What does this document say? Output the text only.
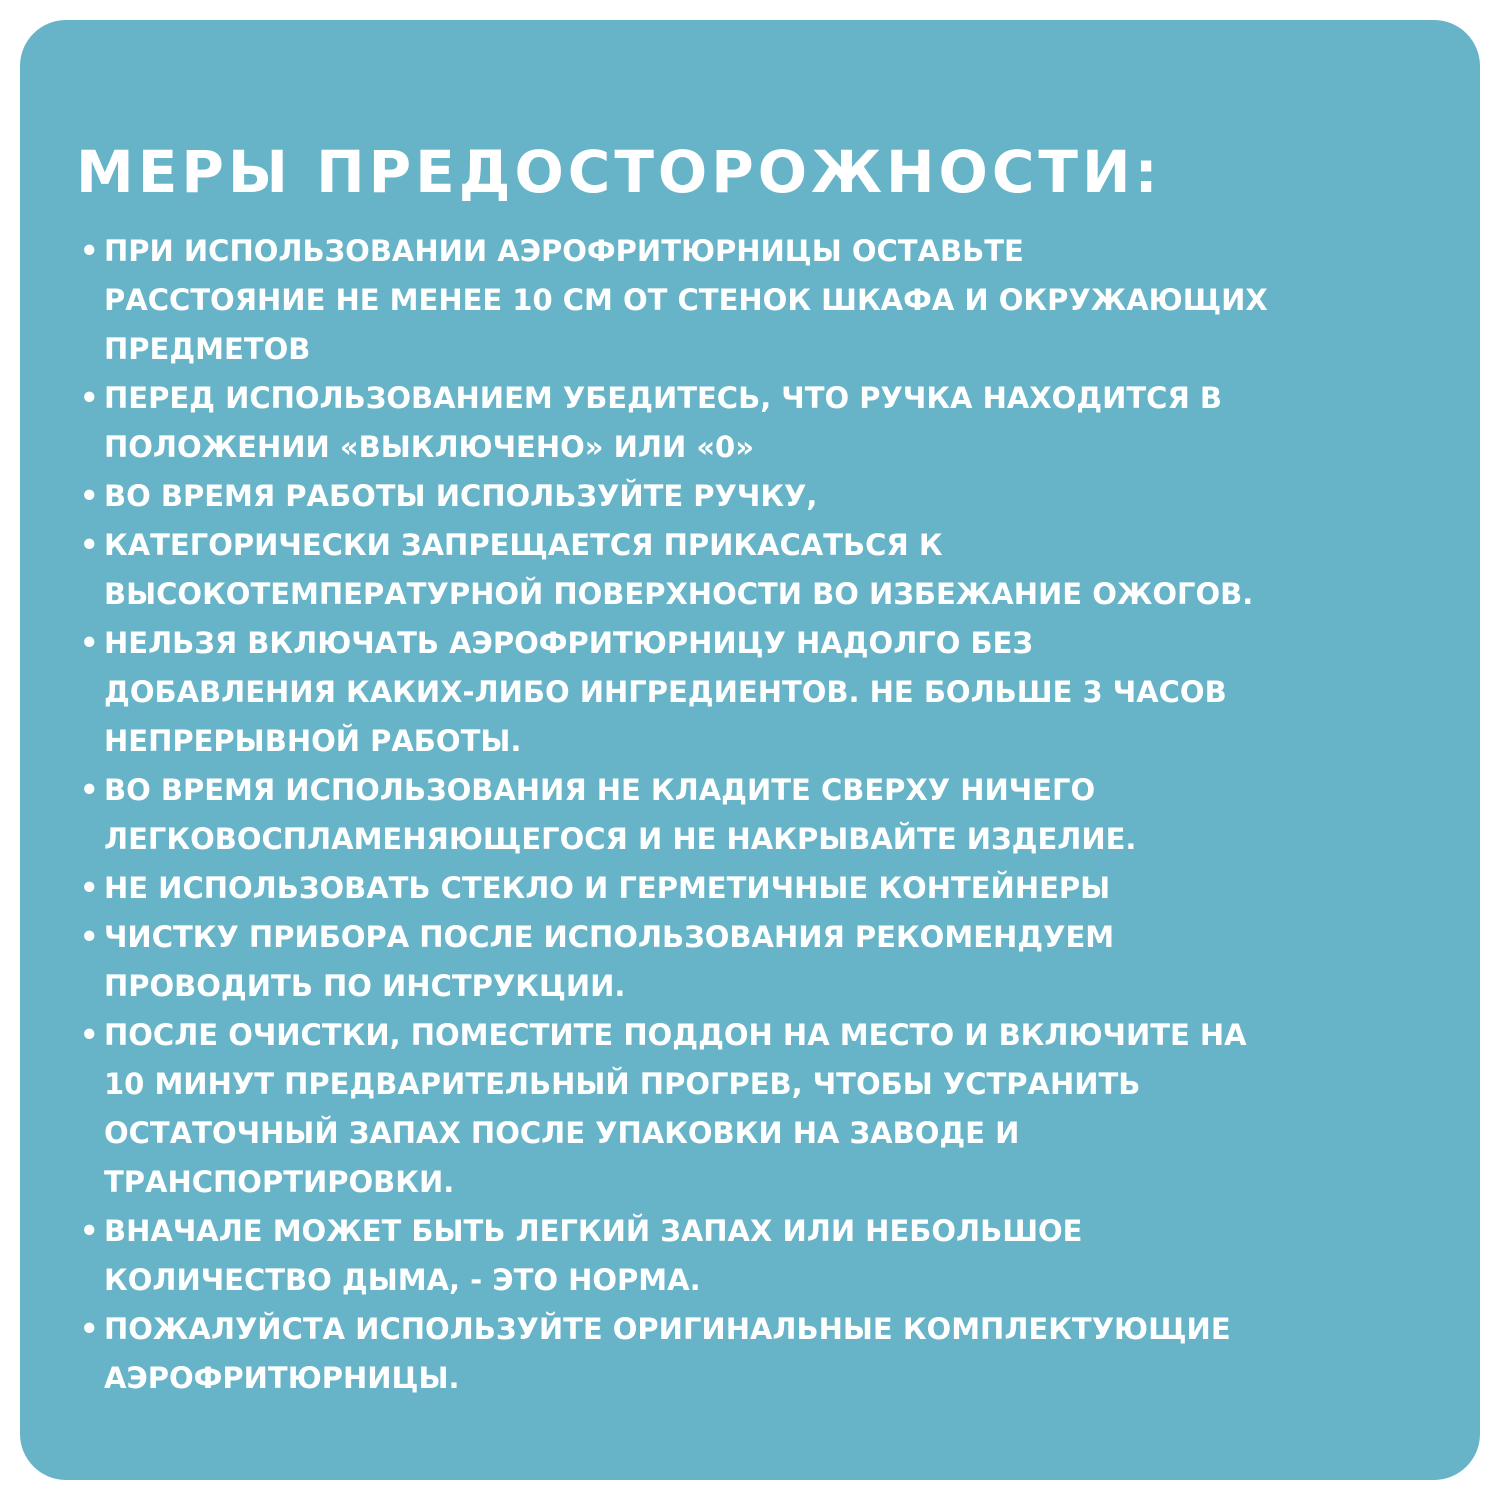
МЕРЫ ПРЕДОСТОРОЖНОСТИ:
• ПРИ ИСПОЛЬЗОВАНИИ АЭРОФРИТЮРНИЦЫ ОСТАВЬТЕ
РАССТОЯНИЕ НЕ МЕНЕЕ 10 СМ ОТ СТЕНОК ШКАФА И ОКРУЖАЮЩИХ
ПРЕДМЕТОВ
• ПЕРЕД ИСПОЛЬЗОВАНИЕМ УБЕДИТЕСЬ, ЧТО РУЧКА НАХОДИТСЯ В
ПОЛОЖЕНИИ «ВЫКЛЮЧЕНО» ИЛИ «0»
• ВО ВРЕМЯ РАБОТЫ ИСПОЛЬЗУЙТЕ РУЧКУ,
• КАТЕГОРИЧЕСКИ ЗАПРЕЩАЕТСЯ ПРИКАСАТЬСЯ К
ВЫСОКОТЕМПЕРАТУРНОЙ ПОВЕРХНОСТИ ВО ИЗБЕЖАНИЕ ОЖОГОВ.
• НЕЛЬЗЯ ВКЛЮЧАТЬ АЭРОФРИТЮРНИЦУ НАДОЛГО БЕЗ
ДОБАВЛЕНИЯ КАКИХ-ЛИБО ИНГРЕДИЕНТОВ. НЕ БОЛЬШЕ 3 ЧАСОВ
НЕПРЕРЫВНОЙ РАБОТЫ.
• ВО ВРЕМЯ ИСПОЛЬЗОВАНИЯ НЕ КЛАДИТЕ СВЕРХУ НИЧЕГО
ЛЕГКОВОСПЛАМЕНЯЮЩЕГОСЯ И НЕ НАКРЫВАЙТЕ ИЗДЕЛИЕ.
• НЕ ИСПОЛЬЗОВАТЬ СТЕКЛО И ГЕРМЕТИЧНЫЕ КОНТЕЙНЕРЫ
• ЧИСТКУ ПРИБОРА ПОСЛЕ ИСПОЛЬЗОВАНИЯ РЕКОМЕНДУЕМ
ПРОВОДИТЬ ПО ИНСТРУКЦИИ.
• ПОСЛЕ ОЧИСТКИ, ПОМЕСТИТЕ ПОДДОН НА МЕСТО И ВКЛЮЧИТЕ НА
10 МИНУТ ПРЕДВАРИТЕЛЬНЫЙ ПРОГРЕВ, ЧТОБЫ УСТРАНИТЬ
ОСТАТОЧНЫЙ ЗАПАХ ПОСЛЕ УПАКОВКИ НА ЗАВОДЕ И
ТРАНСПОРТИРОВКИ.
• ВНАЧАЛЕ МОЖЕТ БЫТЬ ЛЕГКИЙ ЗАПАХ ИЛИ НЕБОЛЬШОЕ
КОЛИЧЕСТВО ДЫМА, - ЭТО НОРМА.
• ПОЖАЛУЙСТА ИСПОЛЬЗУЙТЕ ОРИГИНАЛЬНЫЕ КОМПЛЕКТУЮЩИЕ
АЭРОФРИТЮРНИЦЫ.
